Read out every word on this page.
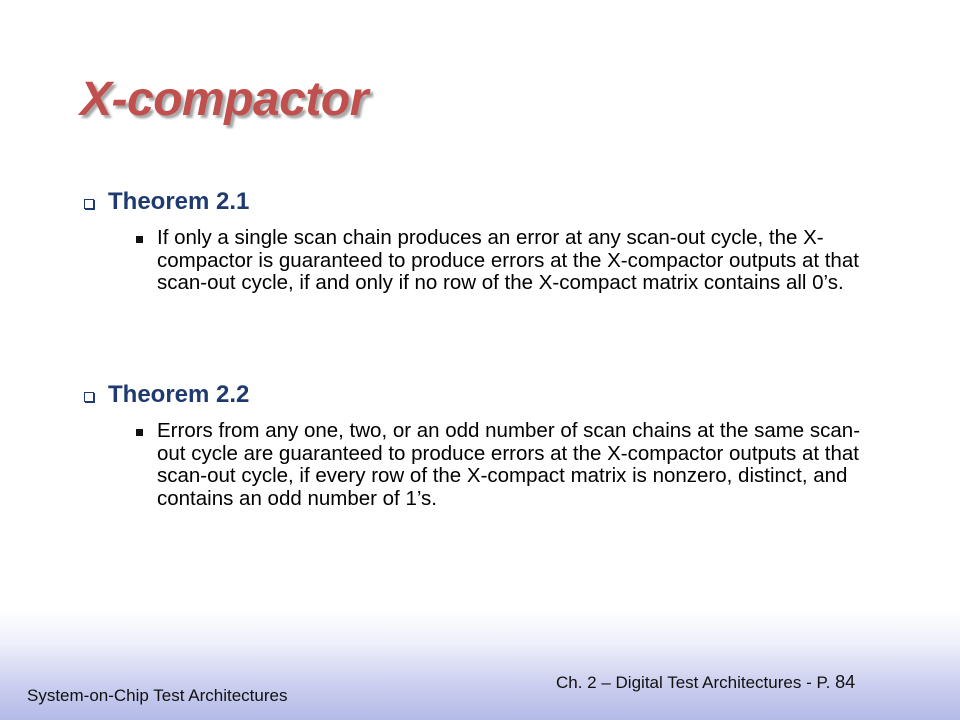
X-compactor
Theorem 2.1
If only a single scan chain produces an error at any scan-out cycle, the X-compactor is guaranteed to produce errors at the X-compactor outputs at that scan-out cycle, if and only if no row of the X-compact matrix contains all 0’s.
Theorem 2.2
Errors from any one, two, or an odd number of scan chains at the same scan-out cycle are guaranteed to produce errors at the X-compactor outputs at that scan-out cycle, if every row of the X-compact matrix is nonzero, distinct, and contains an odd number of 1’s.
System-on-Chip Test Architectures
Ch. 2 – Digital Test Architectures - P. 84
